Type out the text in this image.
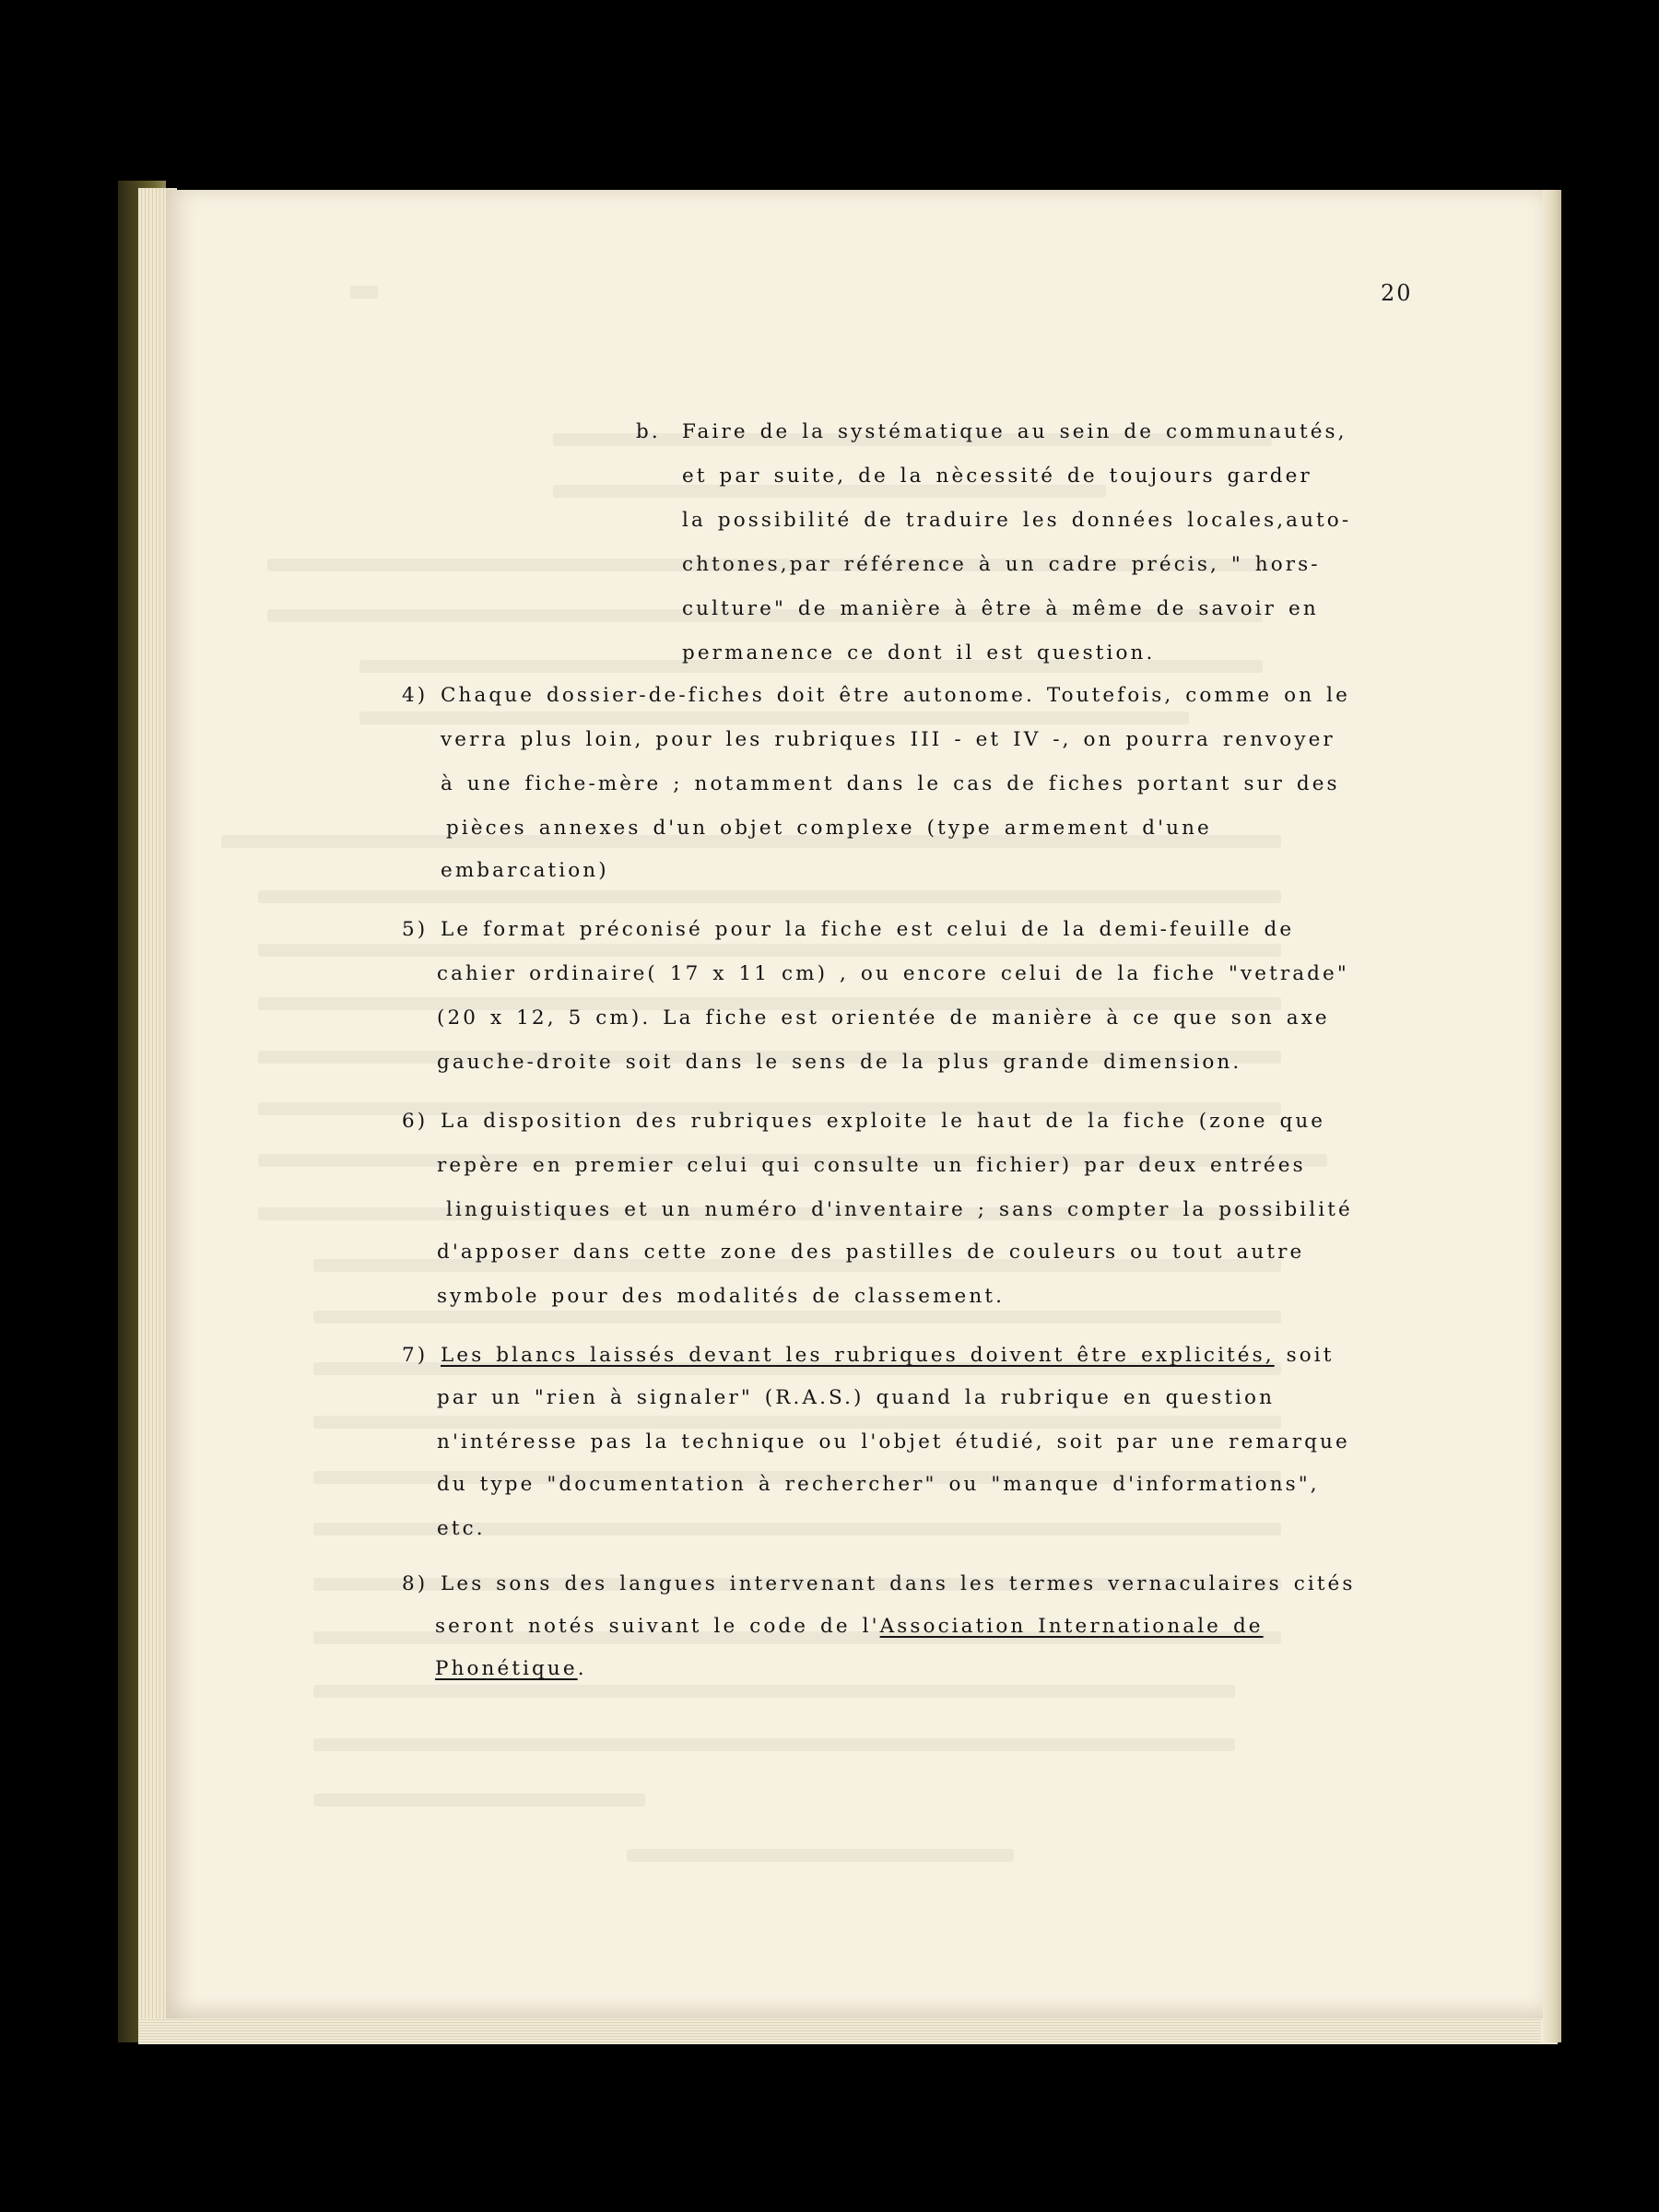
20
b. Faire de la systématique au sein de communautés,
et par suite, de la nècessité de toujours garder
la possibilité de traduire les données locales,auto-
chtones,par référence à un cadre précis, " hors-
culture" de manière à être à même de savoir en
permanence ce dont il est question.
4) Chaque dossier-de-fiches doit être autonome. Toutefois, comme on le
verra plus loin, pour les rubriques III - et IV -, on pourra renvoyer
à une fiche-mère ; notamment dans le cas de fiches portant sur des
pièces annexes d'un objet complexe (type armement d'une
embarcation)
5) Le format préconisé pour la fiche est celui de la demi-feuille de
cahier ordinaire( 17 x 11 cm) , ou encore celui de la fiche "vetrade"
(20 x 12, 5 cm). La fiche est orientée de manière à ce que son axe
gauche-droite soit dans le sens de la plus grande dimension.
6) La disposition des rubriques exploite le haut de la fiche (zone que
repère en premier celui qui consulte un fichier) par deux entrées
linguistiques et un numéro d'inventaire ; sans compter la possibilité
d'apposer dans cette zone des pastilles de couleurs ou tout autre
symbole pour des modalités de classement.
7) Les blancs laissés devant les rubriques doivent être explicités, soit
par un "rien à signaler" (R.A.S.) quand la rubrique en question
n'intéresse pas la technique ou l'objet étudié, soit par une remarque
du type "documentation à rechercher" ou "manque d'informations",
etc.
8) Les sons des langues intervenant dans les termes vernaculaires cités
seront notés suivant le code de l'Association Internationale de
Phonétique.
